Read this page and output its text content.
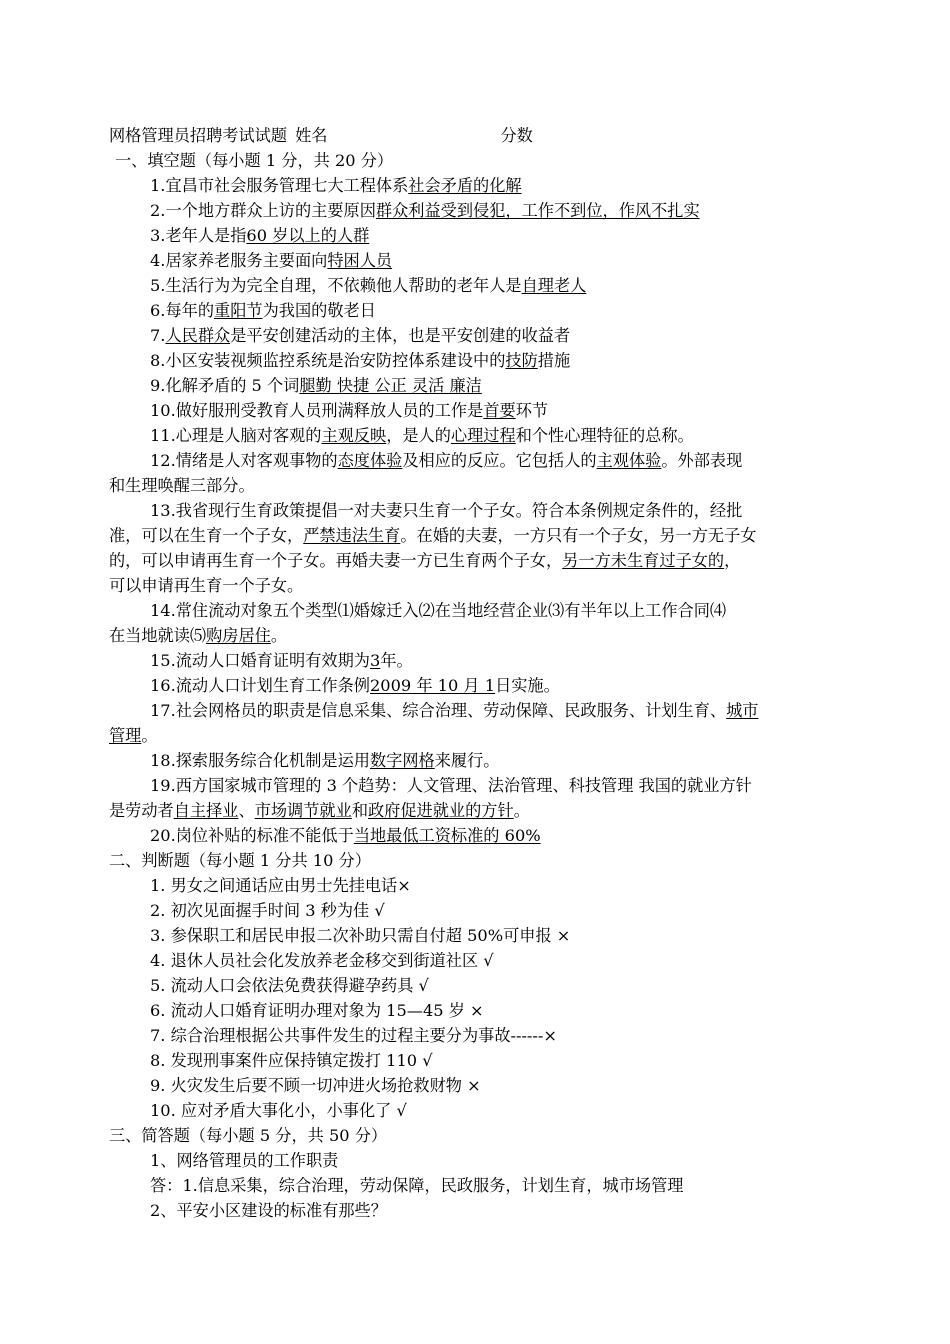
网格管理员招聘考试试题 姓名	分数
一、填空题（每小题 1 分，共 20 分）
1.宜昌市社会服务管理七大工程体系社会矛盾的化解
2.一个地方群众上访的主要原因群众利益受到侵犯，工作不到位，作风不扎实
3.老年人是指60 岁以上的人群
4.居家养老服务主要面向特困人员
5.生活行为为完全自理，不依赖他人帮助的老年人是自理老人
6.每年的重阳节为我国的敬老日
7.人民群众是平安创建活动的主体，也是平安创建的收益者
8.小区安装视频监控系统是治安防控体系建设中的技防措施
9.化解矛盾的 5 个词腿勤 快捷 公正 灵活 廉洁
10.做好服刑受教育人员刑满释放人员的工作是首要环节
11.心理是人脑对客观的主观反映，是人的心理过程和个性心理特征的总称。
12.情绪是人对客观事物的态度体验及相应的反应。它包括人的主观体验。外部表现
和生理唤醒三部分。
13.我省现行生育政策提倡一对夫妻只生育一个子女。符合本条例规定条件的，经批
准，可以在生育一个子女，严禁违法生育。在婚的夫妻，一方只有一个子女，另一方无子女
的，可以申请再生育一个子女。再婚夫妻一方已生育两个子女，另一方未生育过子女的，
可以申请再生育一个子女。
14.常住流动对象五个类型⑴婚嫁迁入⑵在当地经营企业⑶有半年以上工作合同⑷
在当地就读⑸购房居住。
15.流动人口婚育证明有效期为3年。
16.流动人口计划生育工作条例2009 年 10 月 1日实施。
17.社会网格员的职责是信息采集、综合治理、劳动保障、民政服务、计划生育、城市
管理。
18.探索服务综合化机制是运用数字网格来履行。
19.西方国家城市管理的 3 个趋势：人文管理、法治管理、科技管理 我国的就业方针
是劳动者自主择业、市场调节就业和政府促进就业的方针。
20.岗位补贴的标准不能低于当地最低工资标准的 60%
二、判断题（每小题 1 分共 10 分）
1. 男女之间通话应由男士先挂电话×
2. 初次见面握手时间 3 秒为佳 √
3. 参保职工和居民申报二次补助只需自付超 50%可申报 ×
4. 退休人员社会化发放养老金移交到街道社区 √
5. 流动人口会依法免费获得避孕药具 √
6. 流动人口婚育证明办理对象为 15—45 岁 ×
7. 综合治理根据公共事件发生的过程主要分为事故------×
8. 发现刑事案件应保持镇定拨打 110 √
9. 火灾发生后要不顾一切冲进火场抢救财物 ×
10. 应对矛盾大事化小，小事化了 √
三、简答题（每小题 5 分，共 50 分）
1、网络管理员的工作职责
答：1.信息采集，综合治理，劳动保障，民政服务，计划生育，城市场管理
2、平安小区建设的标准有那些？
